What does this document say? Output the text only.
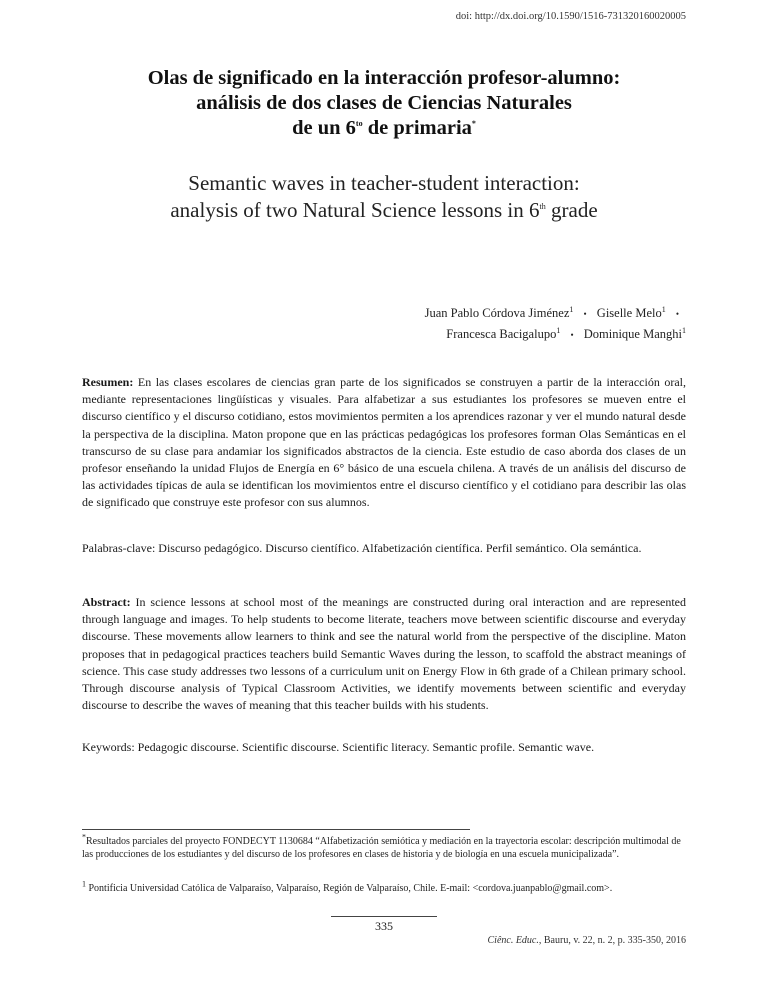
doi: http://dx.doi.org/10.1590/1516-731320160020005
Olas de significado en la interacción profesor-alumno:
análisis de dos clases de Ciencias Naturales
de un $6^{to}$ de primaria*
Semantic waves in teacher-student interaction:
analysis of two Natural Science lessons in 6th grade
Juan Pablo Córdova Jiménez$^1$ • Giselle Melo$^1$ •
Francesca Bacigalupo$^1$ • Dominique Manghi$^1$
Resumen: En las clases escolares de ciencias gran parte de los significados se construyen a partir de la interacción oral, mediante representaciones lingüísticas y visuales. Para alfabetizar a sus estudiantes los profesores se mueven entre el discurso científico y el discurso cotidiano, estos movimientos permiten a los aprendices razonar y ver el mundo natural desde la perspectiva de la disciplina. Maton propone que en las prácticas pedagógicas los profesores forman Olas Semánticas en el transcurso de su clase para andamiar los significados abstractos de la ciencia. Este estudio de caso aborda dos clases de un profesor enseñando la unidad Flujos de Energía en 6° básico de una escuela chilena. A través de un análisis del discurso de las actividades típicas de aula se identifican los movimientos entre el discurso científico y el cotidiano para describir las olas de significado que construye este profesor con sus alumnos.
Palabras-clave: Discurso pedagógico. Discurso científico. Alfabetización científica. Perfil semántico. Ola semántica.
Abstract: In science lessons at school most of the meanings are constructed during oral interaction and are represented through language and images. To help students to become literate, teachers move between scientific discourse and everyday discourse. These movements allow learners to think and see the natural world from the perspective of the discipline. Maton proposes that in pedagogical practices teachers build Semantic Waves during the lesson, to scaffold the abstract meanings of science. This case study addresses two lessons of a curriculum unit on Energy Flow in 6th grade of a Chilean primary school. Through discourse analysis of Typical Classroom Activities, we identify movements between scientific and everyday discourse to describe the waves of meaning that this teacher builds with his students.
Keywords: Pedagogic discourse. Scientific discourse. Scientific literacy. Semantic profile. Semantic wave.
*Resultados parciales del proyecto FONDECYT 1130684 “Alfabetización semiótica y mediación en la trayectoria escolar: descripción multimodal de las producciones de los estudiantes y del discurso de los profesores en clases de historia y de biología en una escuela municipalizada”.
$^1$ Pontificia Universidad Católica de Valparaíso, Valparaíso, Región de Valparaíso, Chile. E-mail: <cordova.juanpablo@gmail.com>.
335
Ciênc. Educ., Bauru, v. 22, n. 2, p. 335-350, 2016
